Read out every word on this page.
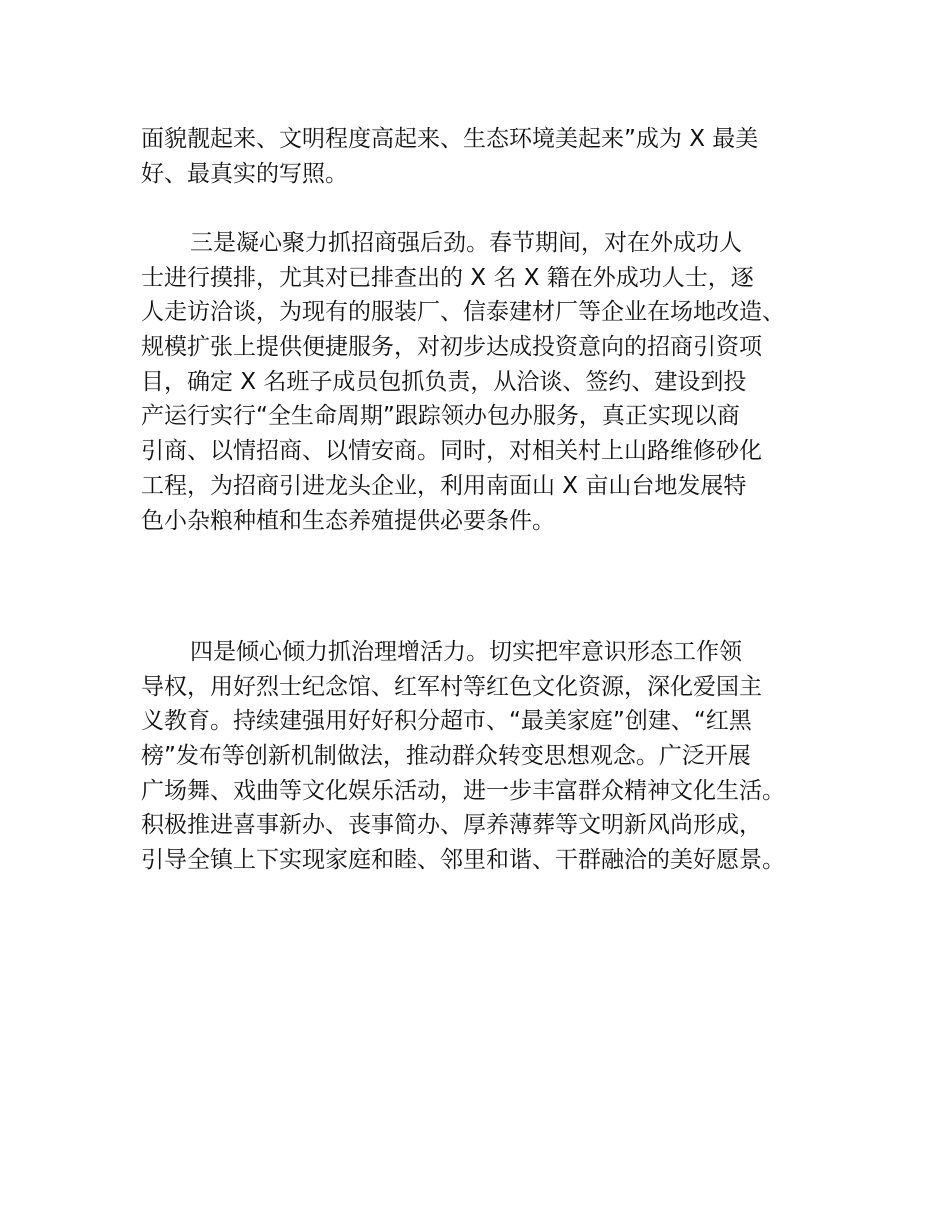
面貌靓起来、文明程度高起来、生态环境美起来”成为 X 最美
好、最真实的写照。
三是凝心聚力抓招商强后劲。春节期间，对在外成功人
士进行摸排，尤其对已排查出的 X 名 X 籍在外成功人士，逐
人走访洽谈，为现有的服装厂、信泰建材厂等企业在场地改造、
规模扩张上提供便捷服务，对初步达成投资意向的招商引资项
目，确定 X 名班子成员包抓负责，从洽谈、签约、建设到投
产运行实行“全生命周期”跟踪领办包办服务，真正实现以商
引商、以情招商、以情安商。同时，对相关村上山路维修砂化
工程，为招商引进龙头企业，利用南面山 X 亩山台地发展特
色小杂粮种植和生态养殖提供必要条件。
四是倾心倾力抓治理增活力。切实把牢意识形态工作领
导权，用好烈士纪念馆、红军村等红色文化资源，深化爱国主
义教育。持续建强用好好积分超市、“最美家庭”创建、“红黑
榜”发布等创新机制做法，推动群众转变思想观念。广泛开展
广场舞、戏曲等文化娱乐活动，进一步丰富群众精神文化生活。
积极推进喜事新办、丧事简办、厚养薄葬等文明新风尚形成，
引导全镇上下实现家庭和睦、邻里和谐、干群融洽的美好愿景。
